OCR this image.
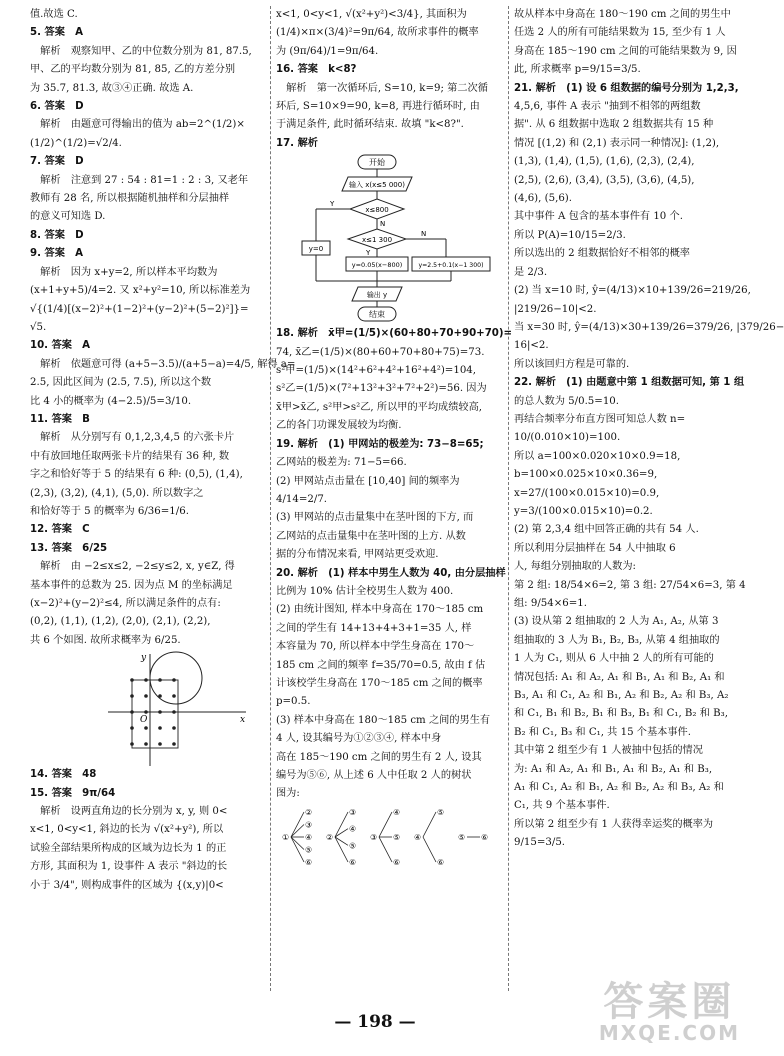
值.故选 C.
5. 答案　A
　解析　观察知甲、乙的中位数分别为 81, 87.5,
甲、乙的平均数分别为 81, 85, 乙的方差分别
为 35.7, 81.3, 故③④正确. 故选 A.
6. 答案　D
　解析　由题意可得输出的值为 ab=2^(1/2)×
(1/2)^(1/2)=√2/4.
7. 答案　D
　解析　注意到 27 : 54 : 81=1 : 2 : 3, 又老年
教师有 28 名, 所以根据随机抽样和分层抽样
的意义可知选 D.
8. 答案　D
9. 答案　A
　解析　因为 x+y=2, 所以样本平均数为
(x+1+y+5)/4=2. 又 x²+y²=10, 所以标准差为
√{(1/4)[(x−2)²+(1−2)²+(y−2)²+(5−2)²]}=
√5.
10. 答案　A
　解析　依题意可得 (a+5−3.5)/(a+5−a)=4/5, 解得 a=
2.5, 因此区间为 (2.5, 7.5), 所以这个数
比 4 小的概率为 (4−2.5)/5=3/10.
11. 答案　B
　解析　从分别写有 0,1,2,3,4,5 的六张卡片
中有放回地任取两张卡片的结果有 36 种, 数
字之和恰好等于 5 的结果有 6 种: (0,5), (1,4),
(2,3), (3,2), (4,1), (5,0). 所以数字之
和恰好等于 5 的概率为 6/36=1/6.
12. 答案　C
13. 答案　6/25
　解析　由 −2≤x≤2, −2≤y≤2, x, y∈Z, 得
基本事件的总数为 25. 因为点 M 的坐标满足
(x−2)²+(y−2)²≤4, 所以满足条件的点有:
(0,2), (1,1), (1,2), (2,0), (2,1), (2,2),
共 6 个如图. 故所求概率为 6/25.
y
x
O
14. 答案　48
15. 答案　9π/64
　解析　设两直角边的长分别为 x, y, 则 0<
x<1, 0<y<1, 斜边的长为 √(x²+y²), 所以
试验全部结果所构成的区域为边长为 1 的正
方形, 其面积为 1, 设事件 A 表示 "斜边的长
小于 3/4", 则构成事件的区域为 {(x,y)|0<
x<1, 0<y<1, √(x²+y²)<3/4}, 其面积为
(1/4)×π×(3/4)²=9π/64, 故所求事件的概率
为 (9π/64)/1=9π/64.
16. 答案　k<8?
　解析　第一次循环后, S=10, k=9; 第二次循
环后, S=10×9=90, k=8, 再进行循环时, 由
于满足条件, 此时循环结束. 故填 "k<8?".
17. 解析
开始
输入 x(x≤5 000)
x≤800
Y
y=0
N
x≤1 300
Y
N
y=0.05(x−800)	y=2.5+0.1(x−1 300)
输出 y
结束
18. 解析　x̄甲=(1/5)×(60+80+70+90+70)=
74, x̄乙=(1/5)×(80+60+70+80+75)=73.
s²甲=(1/5)×(14²+6²+4²+16²+4²)=104,
s²乙=(1/5)×(7²+13²+3²+7²+2²)=56. 因为
x̄甲>x̄乙, s²甲>s²乙, 所以甲的平均成绩较高,
乙的各门功课发展较为均衡.
19. 解析　(1) 甲网站的极差为: 73−8=65;
乙网站的极差为: 71−5=66.
(2) 甲网站点击量在 [10,40] 间的频率为
4/14=2/7.
(3) 甲网站的点击量集中在茎叶图的下方, 而
乙网站的点击量集中在茎叶图的上方. 从数
据的分布情况来看, 甲网站更受欢迎.
20. 解析　(1) 样本中男生人数为 40, 由分层抽样
比例为 10% 估计全校男生人数为 400.
(2) 由统计图知, 样本中身高在 170～185 cm
之间的学生有 14+13+4+3+1=35 人, 样
本容量为 70, 所以样本中学生身高在 170～
185 cm 之间的频率 f=35/70=0.5, 故由 f 估
计该校学生身高在 170～185 cm 之间的概率
p=0.5.
(3) 样本中身高在 180～185 cm 之间的男生有
4 人, 设其编号为①②③④, 样本中身
高在 185～190 cm 之间的男生有 2 人, 设其
编号为⑤⑥, 从上述 6 人中任取 2 人的树状
图为:
①
②
③
④
⑤
⑥
②
③
④
⑤
⑥
③
④
⑤
⑥
④
⑤
⑥
⑤ ⑥
故从样本中身高在 180～190 cm 之间的男生中
任选 2 人的所有可能结果数为 15, 至少有 1 人
身高在 185～190 cm 之间的可能结果数为 9, 因
此, 所求概率 p=9/15=3/5.
21. 解析　(1) 设 6 组数据的编号分别为 1,2,3,
4,5,6, 事件 A 表示 "抽到不相邻的两组数
据". 从 6 组数据中选取 2 组数据共有 15 种
情况 [(1,2) 和 (2,1) 表示同一种情况]: (1,2),
(1,3), (1,4), (1,5), (1,6), (2,3), (2,4),
(2,5), (2,6), (3,4), (3,5), (3,6), (4,5),
(4,6), (5,6).
其中事件 A 包含的基本事件有 10 个.
所以 P(A)=10/15=2/3.
所以选出的 2 组数据恰好不相邻的概率
是 2/3.
(2) 当 x=10 时, ŷ=(4/13)×10+139/26=219/26,
|219/26−10|<2.
当 x=30 时, ŷ=(4/13)×30+139/26=379/26, |379/26−
16|<2.
所以该回归方程是可靠的.
22. 解析　(1) 由题意中第 1 组数据可知, 第 1 组
的总人数为 5/0.5=10.
再结合频率分布直方图可知总人数 n=
10/(0.010×10)=100.
所以 a=100×0.020×10×0.9=18,
b=100×0.025×10×0.36=9,
x=27/(100×0.015×10)=0.9,
y=3/(100×0.015×10)=0.2.
(2) 第 2,3,4 组中回答正确的共有 54 人.
所以利用分层抽样在 54 人中抽取 6
人, 每组分别抽取的人数为:
第 2 组: 18/54×6=2, 第 3 组: 27/54×6=3, 第 4
组: 9/54×6=1.
(3) 设从第 2 组抽取的 2 人为 A₁, A₂, 从第 3
组抽取的 3 人为 B₁, B₂, B₃, 从第 4 组抽取的
1 人为 C₁, 则从 6 人中抽 2 人的所有可能的
情况包括: A₁ 和 A₂, A₁ 和 B₁, A₁ 和 B₂, A₁ 和
B₃, A₁ 和 C₁, A₂ 和 B₁, A₂ 和 B₂, A₂ 和 B₃, A₂
和 C₁, B₁ 和 B₂, B₁ 和 B₃, B₁ 和 C₁, B₂ 和 B₃,
B₂ 和 C₁, B₃ 和 C₁, 共 15 个基本事件.
其中第 2 组至少有 1 人被抽中包括的情况
为: A₁ 和 A₂, A₁ 和 B₁, A₁ 和 B₂, A₁ 和 B₃,
A₁ 和 C₁, A₂ 和 B₁, A₂ 和 B₂, A₂ 和 B₃, A₂ 和
C₁, 共 9 个基本事件.
所以第 2 组至少有 1 人获得幸运奖的概率为
9/15=3/5.
— 198 —	答案圈
MXQE.COM
